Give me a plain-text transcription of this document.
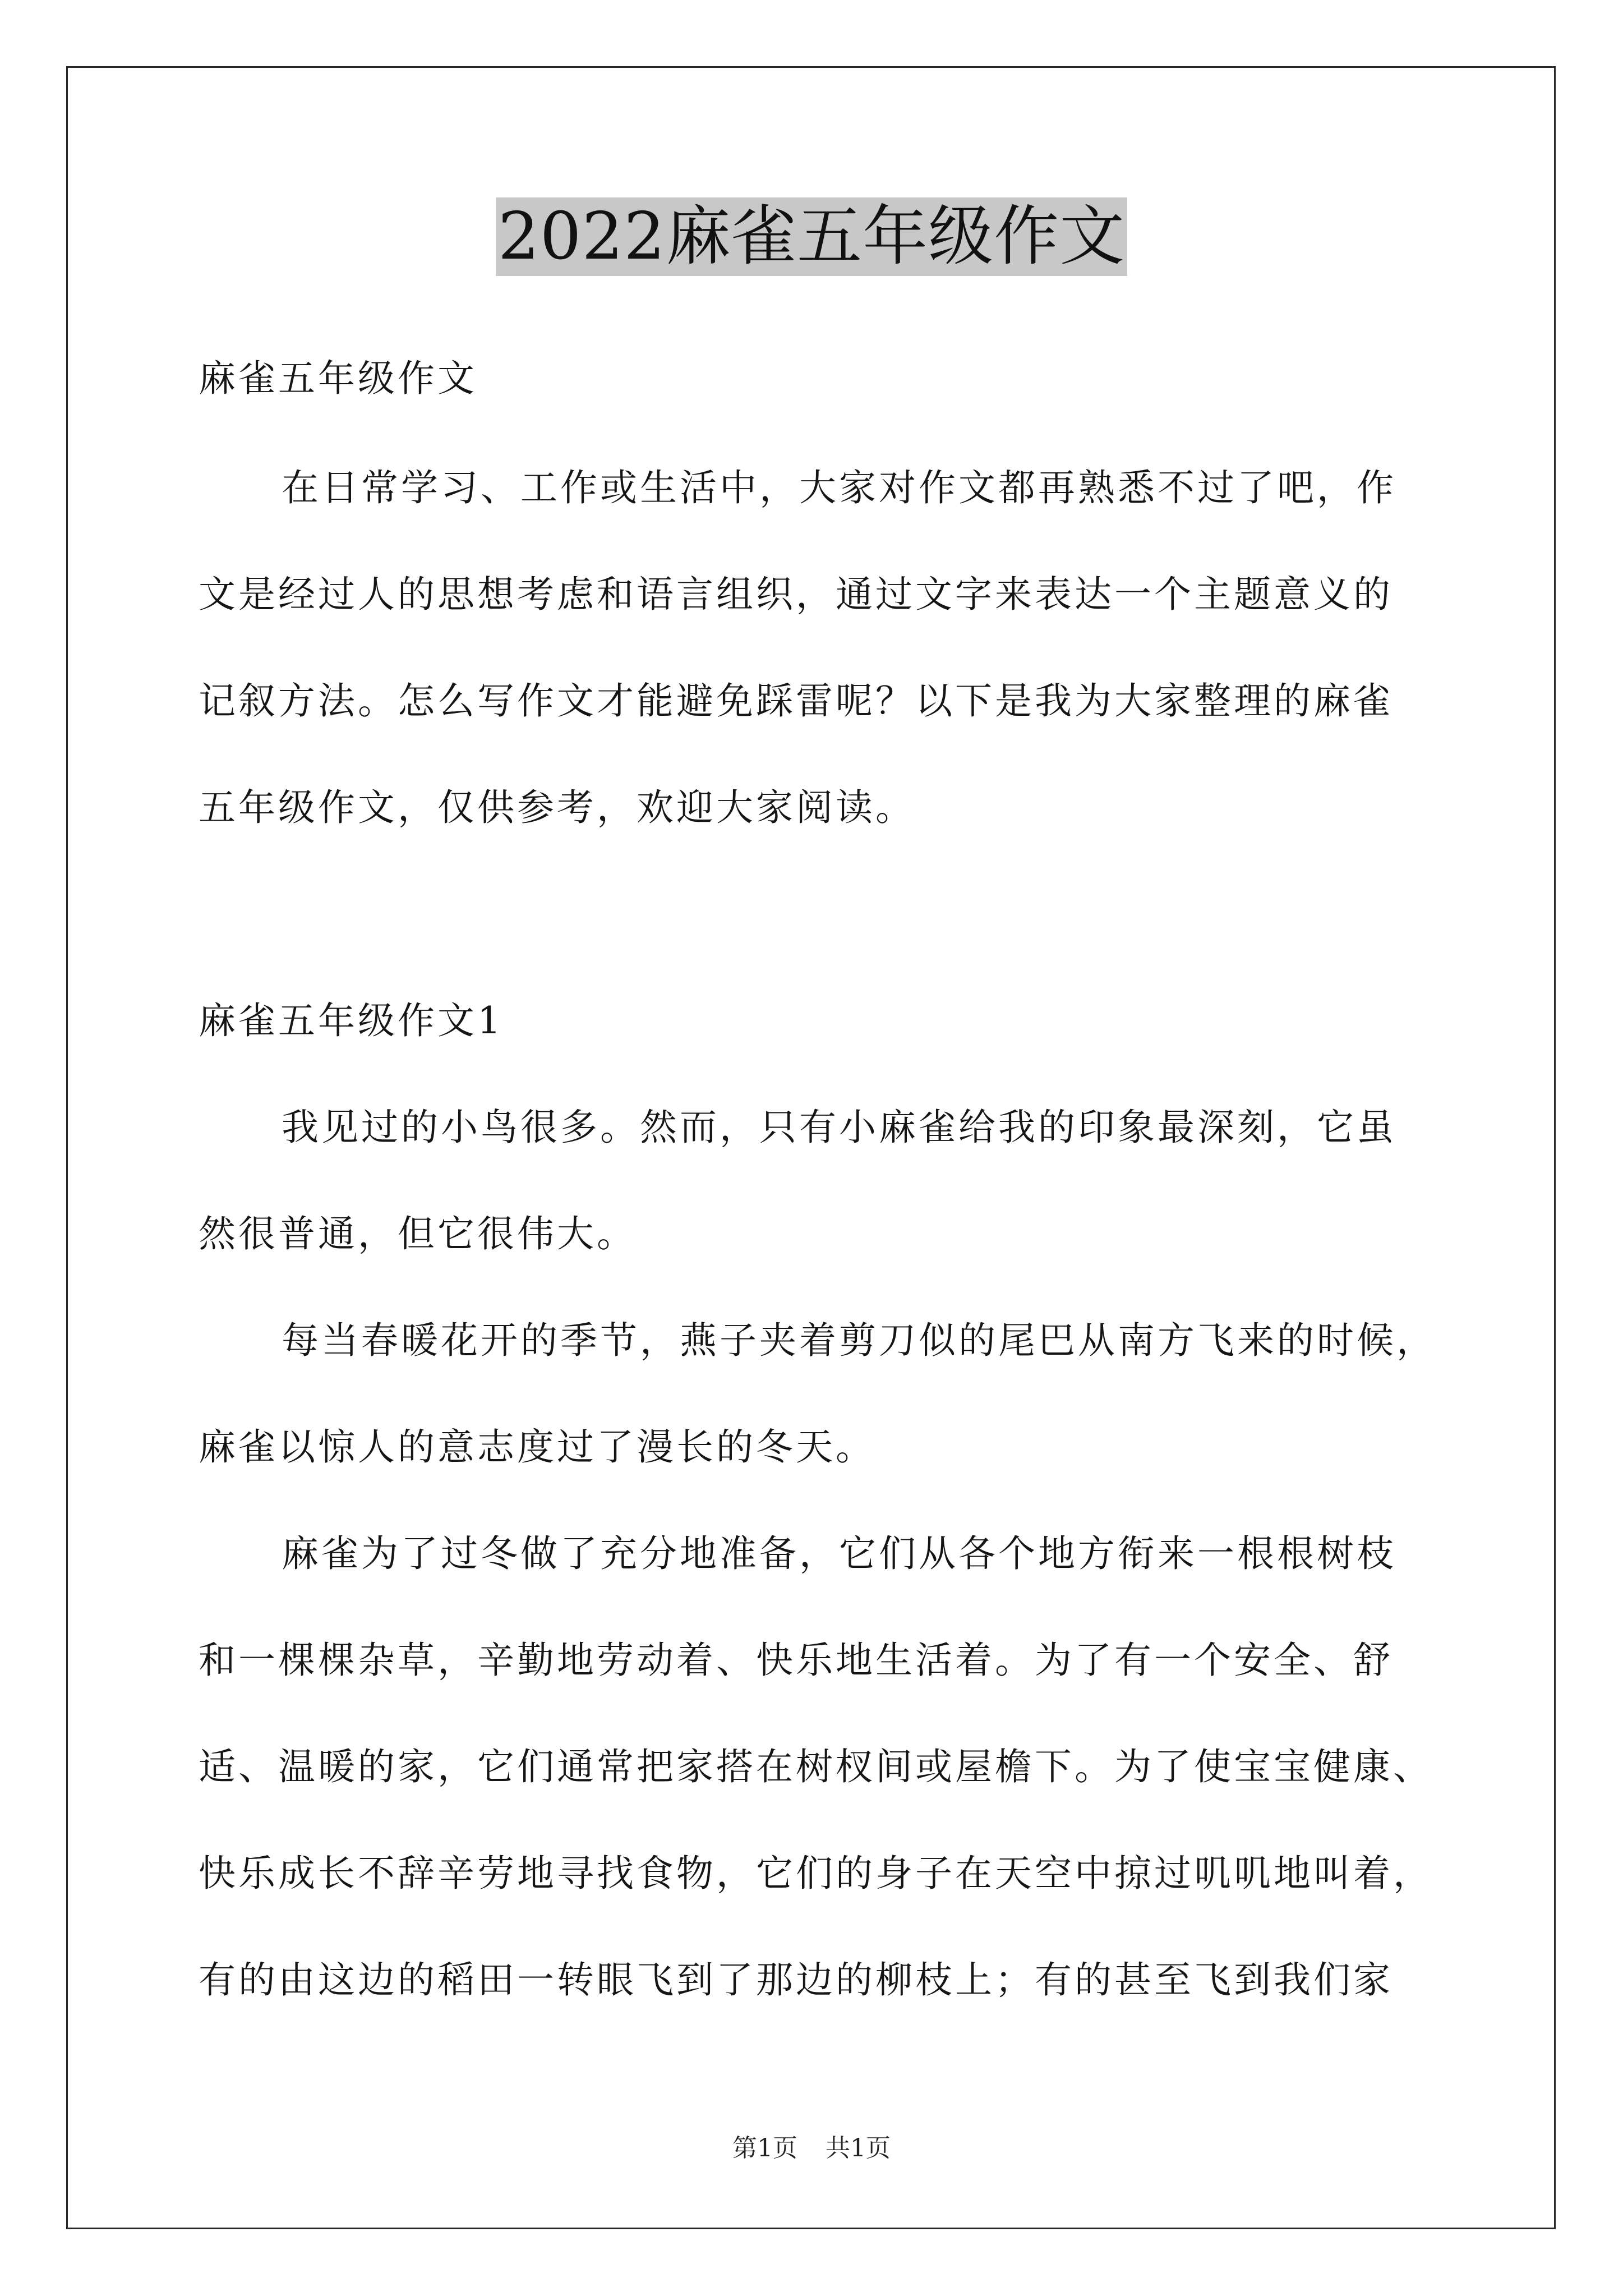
2022麻雀五年级作文
麻雀五年级作文
在日常学习、工作或生活中，大家对作文都再熟悉不过了吧，作
文是经过人的思想考虑和语言组织，通过文字来表达一个主题意义的
记叙方法。怎么写作文才能避免踩雷呢？以下是我为大家整理的麻雀
五年级作文，仅供参考，欢迎大家阅读。
麻雀五年级作文1
我见过的小鸟很多。然而，只有小麻雀给我的印象最深刻，它虽
然很普通，但它很伟大。
每当春暖花开的季节，燕子夹着剪刀似的尾巴从南方飞来的时候，
麻雀以惊人的意志度过了漫长的冬天。
麻雀为了过冬做了充分地准备，它们从各个地方衔来一根根树枝
和一棵棵杂草，辛勤地劳动着、快乐地生活着。为了有一个安全、舒
适、温暖的家，它们通常把家搭在树杈间或屋檐下。为了使宝宝健康、
快乐成长不辞辛劳地寻找食物，它们的身子在天空中掠过叽叽地叫着，
有的由这边的稻田一转眼飞到了那边的柳枝上；有的甚至飞到我们家
第1页 共1页
